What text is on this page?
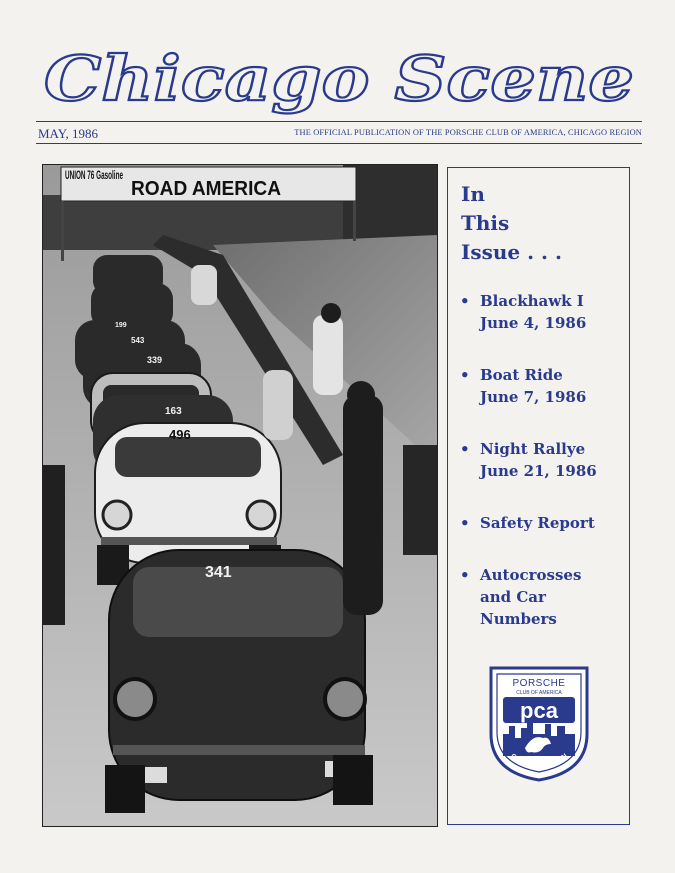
Chicago Scene
MAY, 1986	THE OFFICIAL PUBLICATION OF THE PORSCHE CLUB OF AMERICA, CHICAGO REGION
UNION 76 Gasoline
ROAD AMERICA
341
496
163
339
543
199
In
This
Issue . . .
• Blackhawk I
June 4, 1986
• Boat Ride
June 7, 1986
• Night Rallye
June 21, 1986
• Safety Report
• Autocrosses
and Car
Numbers
PORSCHE
CLUB OF AMERICA
pca
CHICAGO REGION
